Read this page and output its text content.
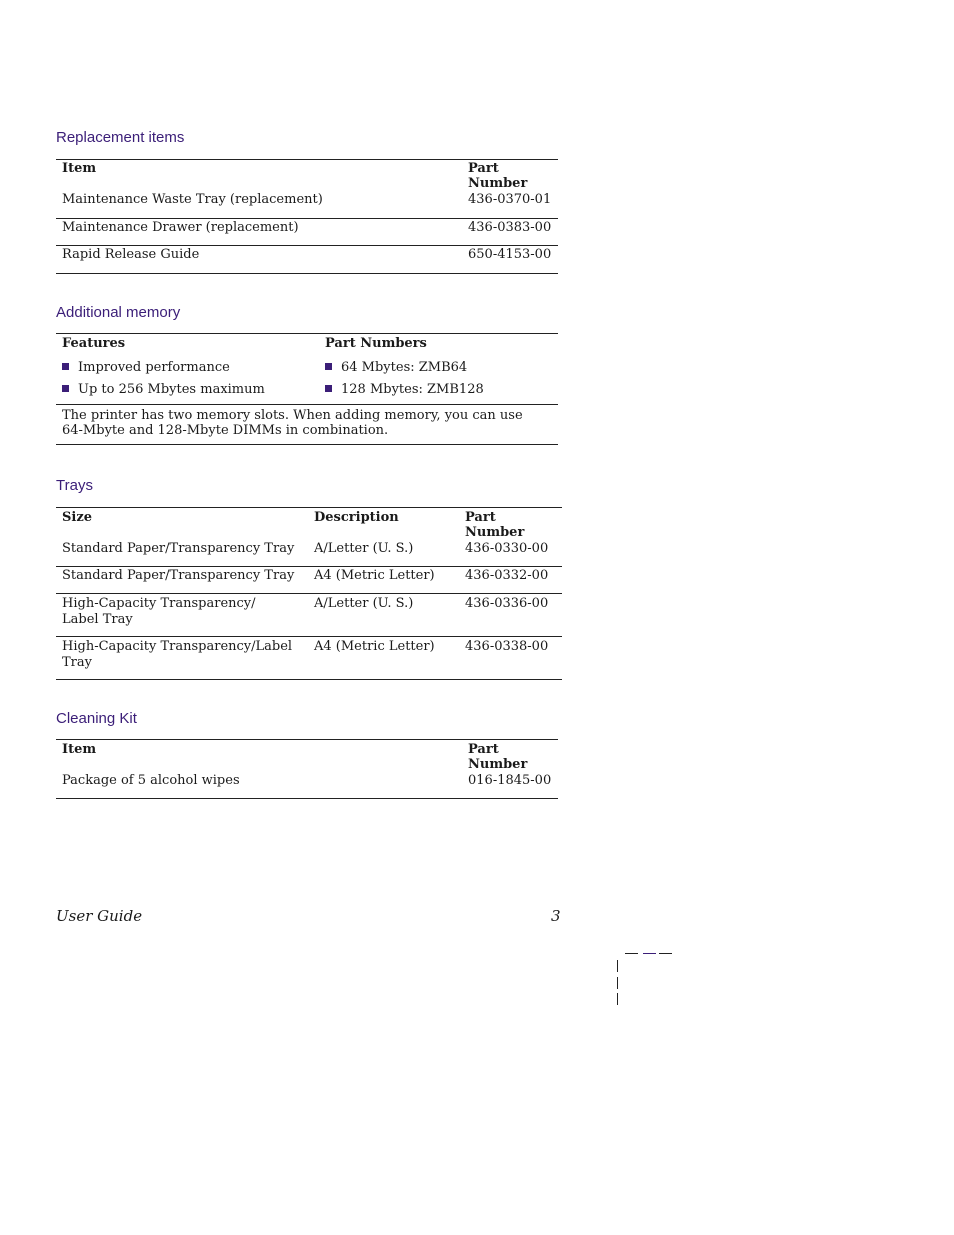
Replacement items
Item	Part Number
Maintenance Waste Tray (replacement)	436-0370-01
Maintenance Drawer (replacement)	436-0383-00
Rapid Release Guide	650-4153-00
Additional memory
Features	Part Numbers
Improved performance	64 Mbytes: ZMB64
Up to 256 Mbytes maximum	128 Mbytes: ZMB128
The printer has two memory slots. When adding memory, you can use 64-Mbyte and 128-Mbyte DIMMs in combination.	
Trays
Size	Description	Part Number
Standard Paper/Transparency Tray	A/Letter (U. S.)	436-0330-00
Standard Paper/Transparency Tray	A4 (Metric Letter)	436-0332-00
High-Capacity Transparency/
Label Tray	A/Letter (U. S.)	436-0336-00
High-Capacity Transparency/Label
Tray	A4 (Metric Letter)	436-0338-00
Cleaning Kit
Item	Part Number
Package of 5 alcohol wipes	016-1845-00
User Guide	3
